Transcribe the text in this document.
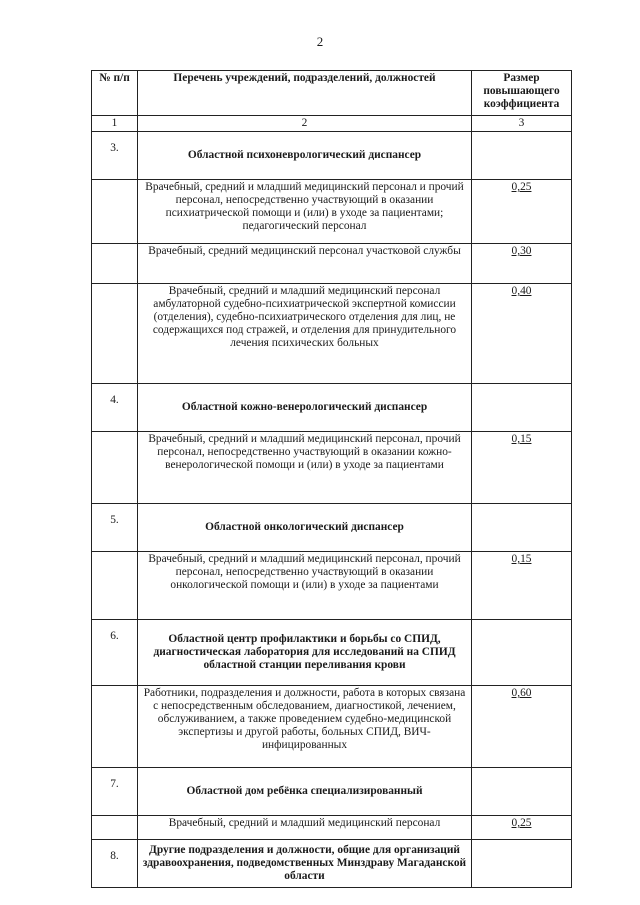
2
№ п/п	Перечень учреждений, подразделений, должностей	Размер повышающего коэффициента
1	2	3
3.	Областной психоневрологический диспансер	
	Врачебный, средний и младший медицинский персонал и прочий персонал, непосредственно участвующий в оказании психиатрической помощи и (или) в уходе за пациентами; педагогический персонал	0,25
	Врачебный, средний медицинский персонал участковой службы	0,30
	Врачебный, средний и младший медицинский персонал амбулаторной судебно-психиатрической экспертной комиссии (отделения), судебно-психиатрического отделения для лиц, не содержащихся под стражей, и отделения для принудительного лечения психических больных	0,40
4.	Областной кожно-венерологический диспансер	
	Врачебный, средний и младший медицинский персонал, прочий персонал, непосредственно участвующий в оказании кожно-венерологической помощи и (или) в уходе за пациентами	0,15
5.	Областной онкологический диспансер	
	Врачебный, средний и младший медицинский персонал, прочий персонал, непосредственно участвующий в оказании онкологической помощи и (или) в уходе за пациентами	0,15
6.	Областной центр профилактики и борьбы со СПИД, диагностическая лаборатория для исследований на СПИД областной станции переливания крови	
	Работники, подразделения и должности, работа в которых связана с непосредственным обследованием, диагностикой, лечением, обслуживанием, а также проведением судебно-медицинской экспертизы и другой работы, больных СПИД, ВИЧ-инфицированных	0,60
7.	Областной дом ребёнка специализированный	
	Врачебный, средний и младший медицинский персонал	0,25
8.	Другие подразделения и должности, общие для организаций здравоохранения, подведомственных Минздраву Магаданской области	
